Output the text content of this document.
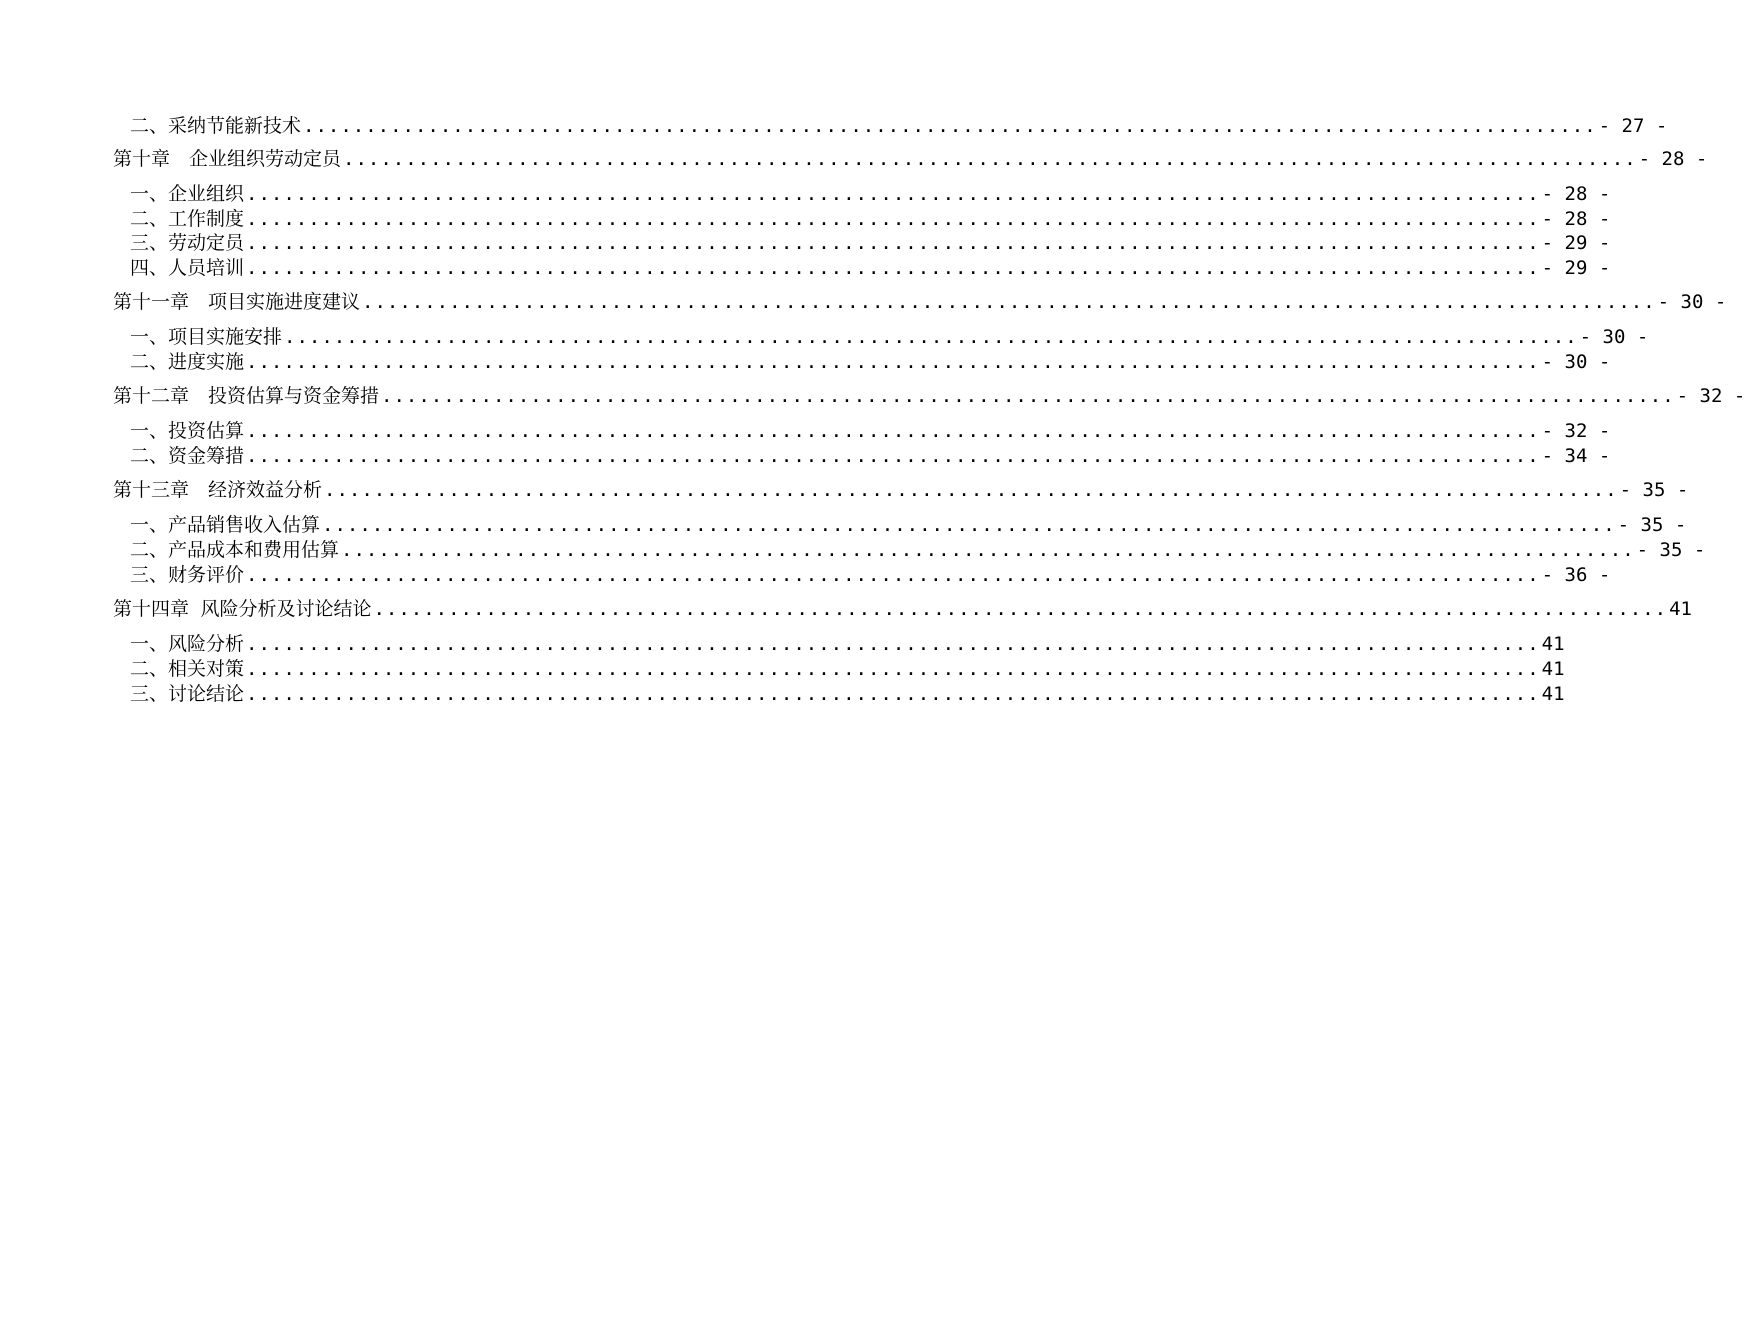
二、采纳节能新技术 ........................................................................................................ - 27 -
第十章　企业组织劳动定员 ........................................................................................................ - 28 -
一、企业组织 ........................................................................................................ - 28 -
二、工作制度 ........................................................................................................ - 28 -
三、劳动定员 ........................................................................................................ - 29 -
四、人员培训 ........................................................................................................ - 29 -
第十一章　项目实施进度建议 ........................................................................................................ - 30 -
一、项目实施安排 ........................................................................................................ - 30 -
二、进度实施 ........................................................................................................ - 30 -
第十二章　投资估算与资金筹措 ........................................................................................................ - 32 -
一、投资估算 ........................................................................................................ - 32 -
二、资金筹措 ........................................................................................................ - 34 -
第十三章　经济效益分析 ........................................................................................................ - 35 -
一、产品销售收入估算 ........................................................................................................ - 35 -
二、产品成本和费用估算 ........................................................................................................ - 35 -
三、财务评价 ........................................................................................................ - 36 -
第十四章 风险分析及讨论结论 ........................................................................................................ 41
一、风险分析 ........................................................................................................ 41
二、相关对策 ........................................................................................................ 41
三、讨论结论 ........................................................................................................ 41
